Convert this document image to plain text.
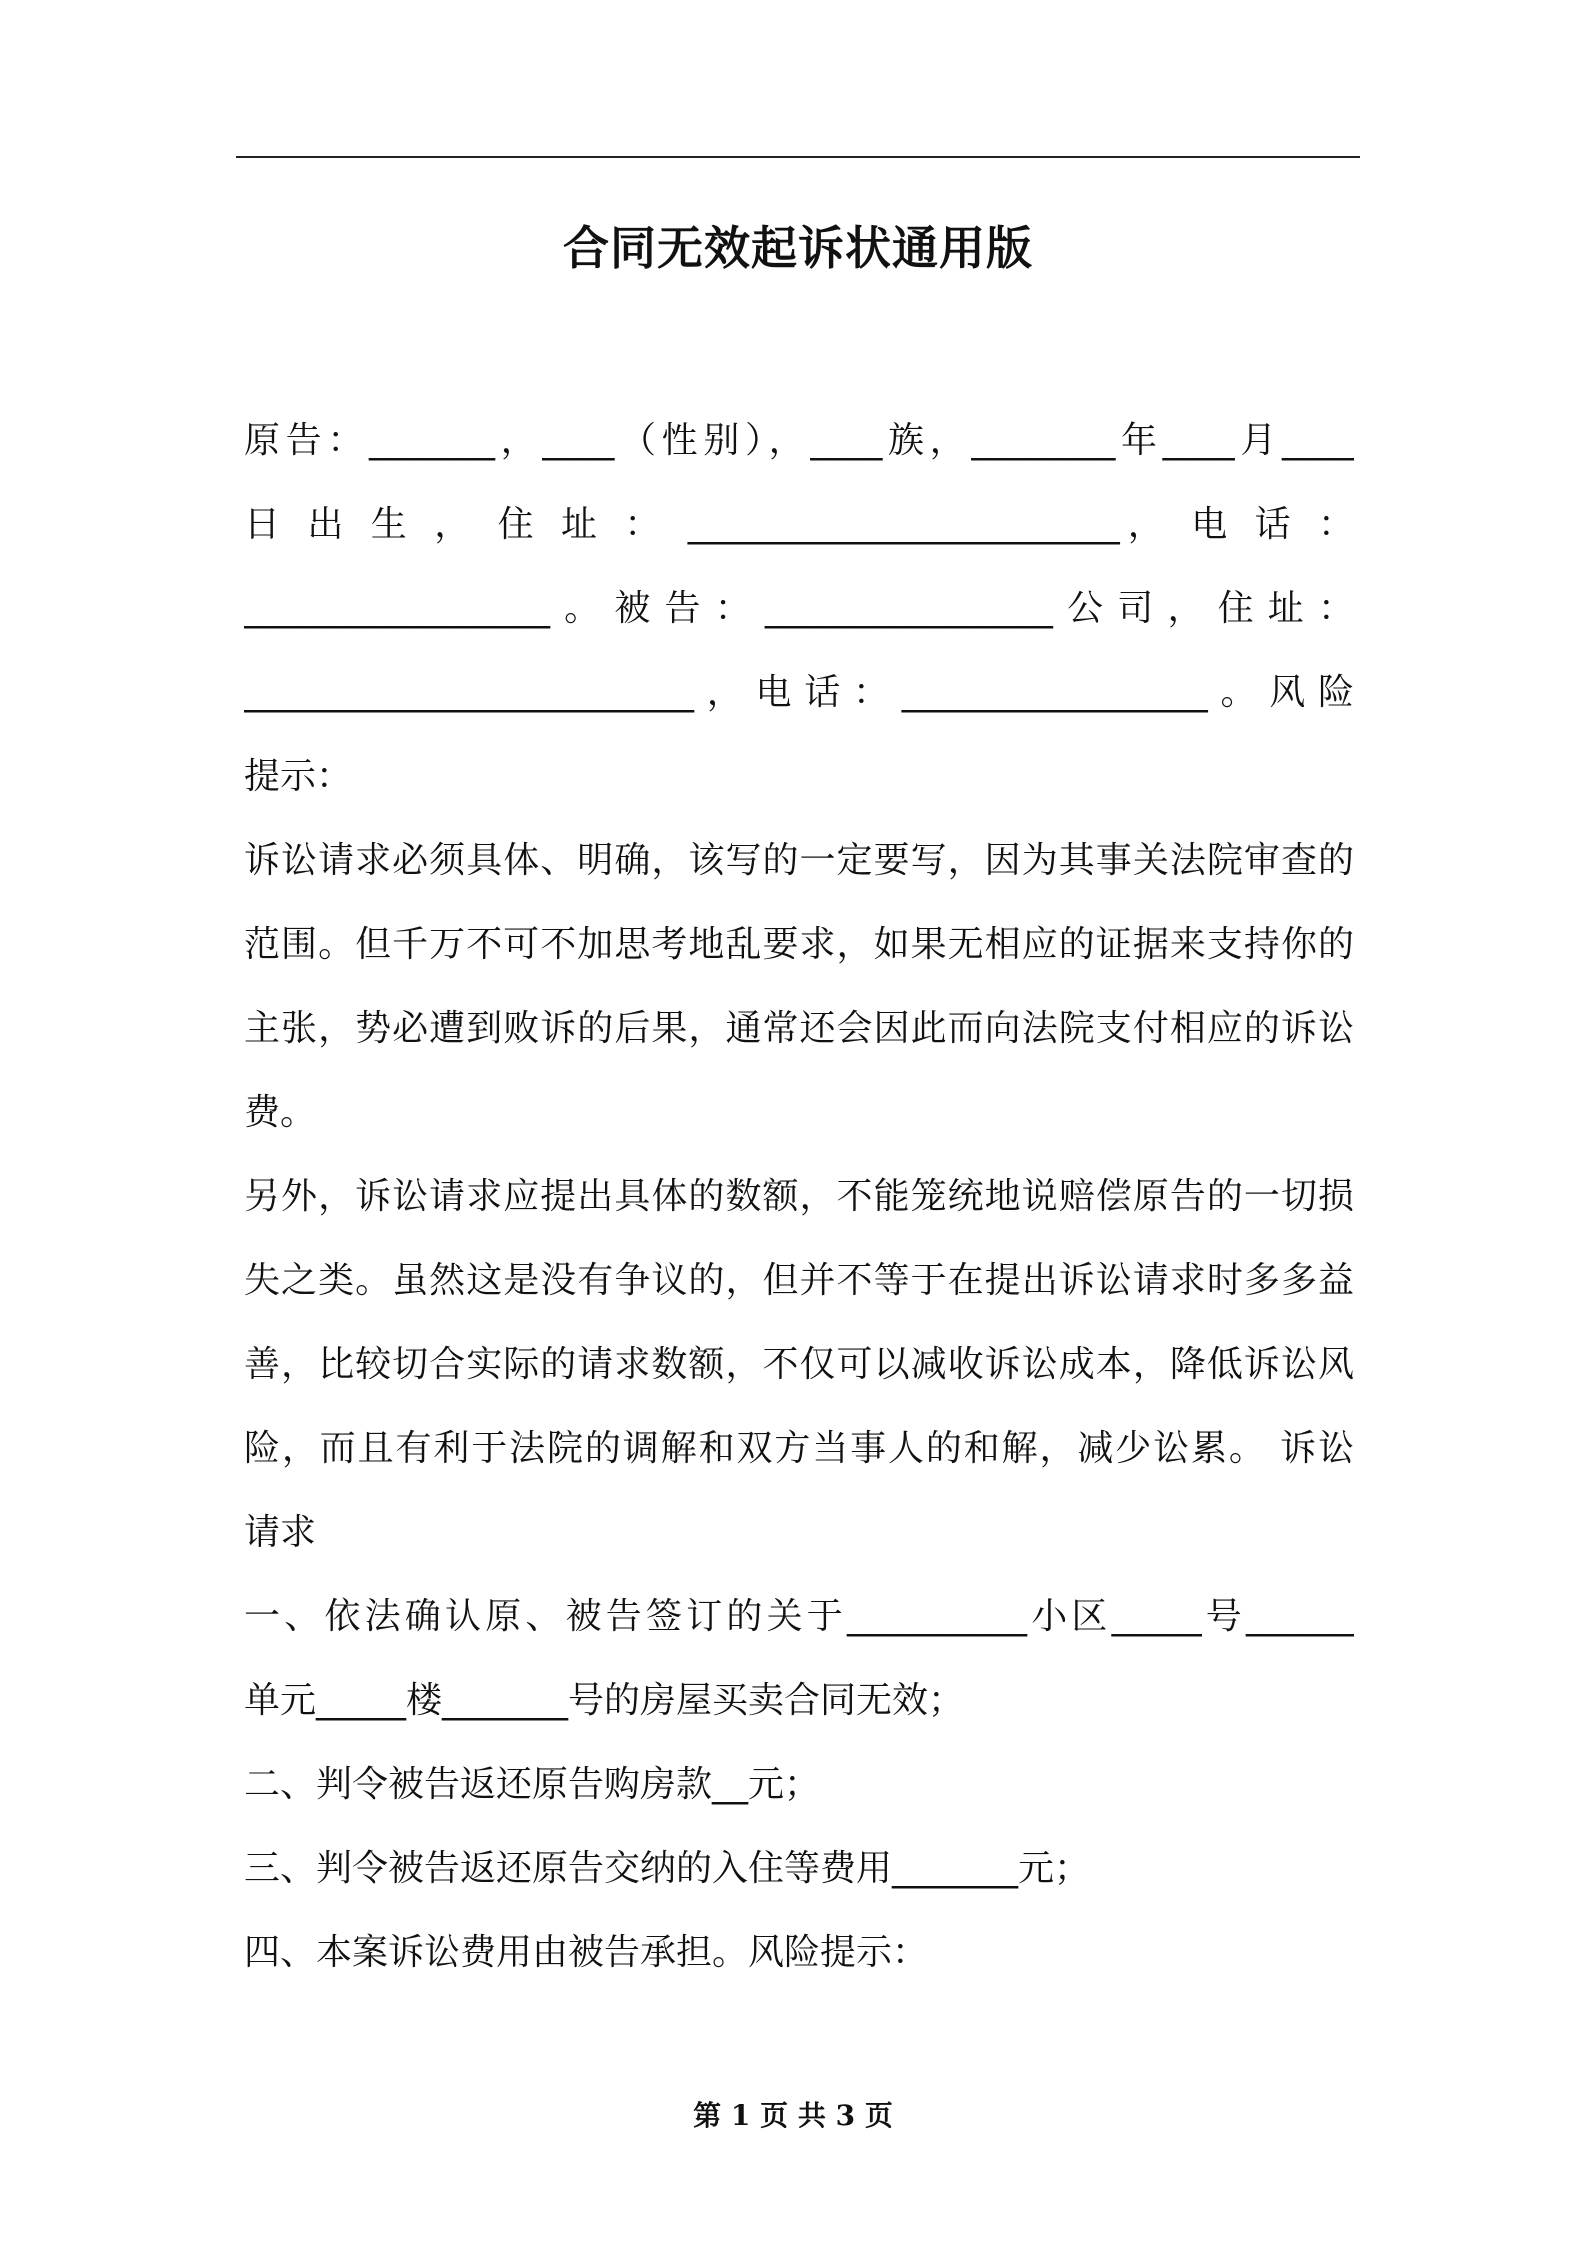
合同无效起诉状通用版
原告：_______，____（性别），____族，________年____月____
日 出 生 ， 住 址 ： ________________________， 电 话 ：
_________________。被告：________________公司，住址：
_________________________，电话：_________________。风险
提示：
诉讼请求必须具体、明确，该写的一定要写，因为其事关法院审查的
范围。但千万不可不加思考地乱要求，如果无相应的证据来支持你的
主张，势必遭到败诉的后果，通常还会因此而向法院支付相应的诉讼
费。
另外，诉讼请求应提出具体的数额，不能笼统地说赔偿原告的一切损
失之类。虽然这是没有争议的，但并不等于在提出诉讼请求时多多益
善，比较切合实际的请求数额，不仅可以减收诉讼成本，降低诉讼风
险，而且有利于法院的调解和双方当事人的和解，减少讼累。 诉讼
请求
一、依法确认原、被告签订的关于__________小区_____号______
单元_____楼_______号的房屋买卖合同无效；
二、判令被告返还原告购房款__元；
三、判令被告返还原告交纳的入住等费用_______元；
四、本案诉讼费用由被告承担。风险提示：
第 1 页 共 3 页
